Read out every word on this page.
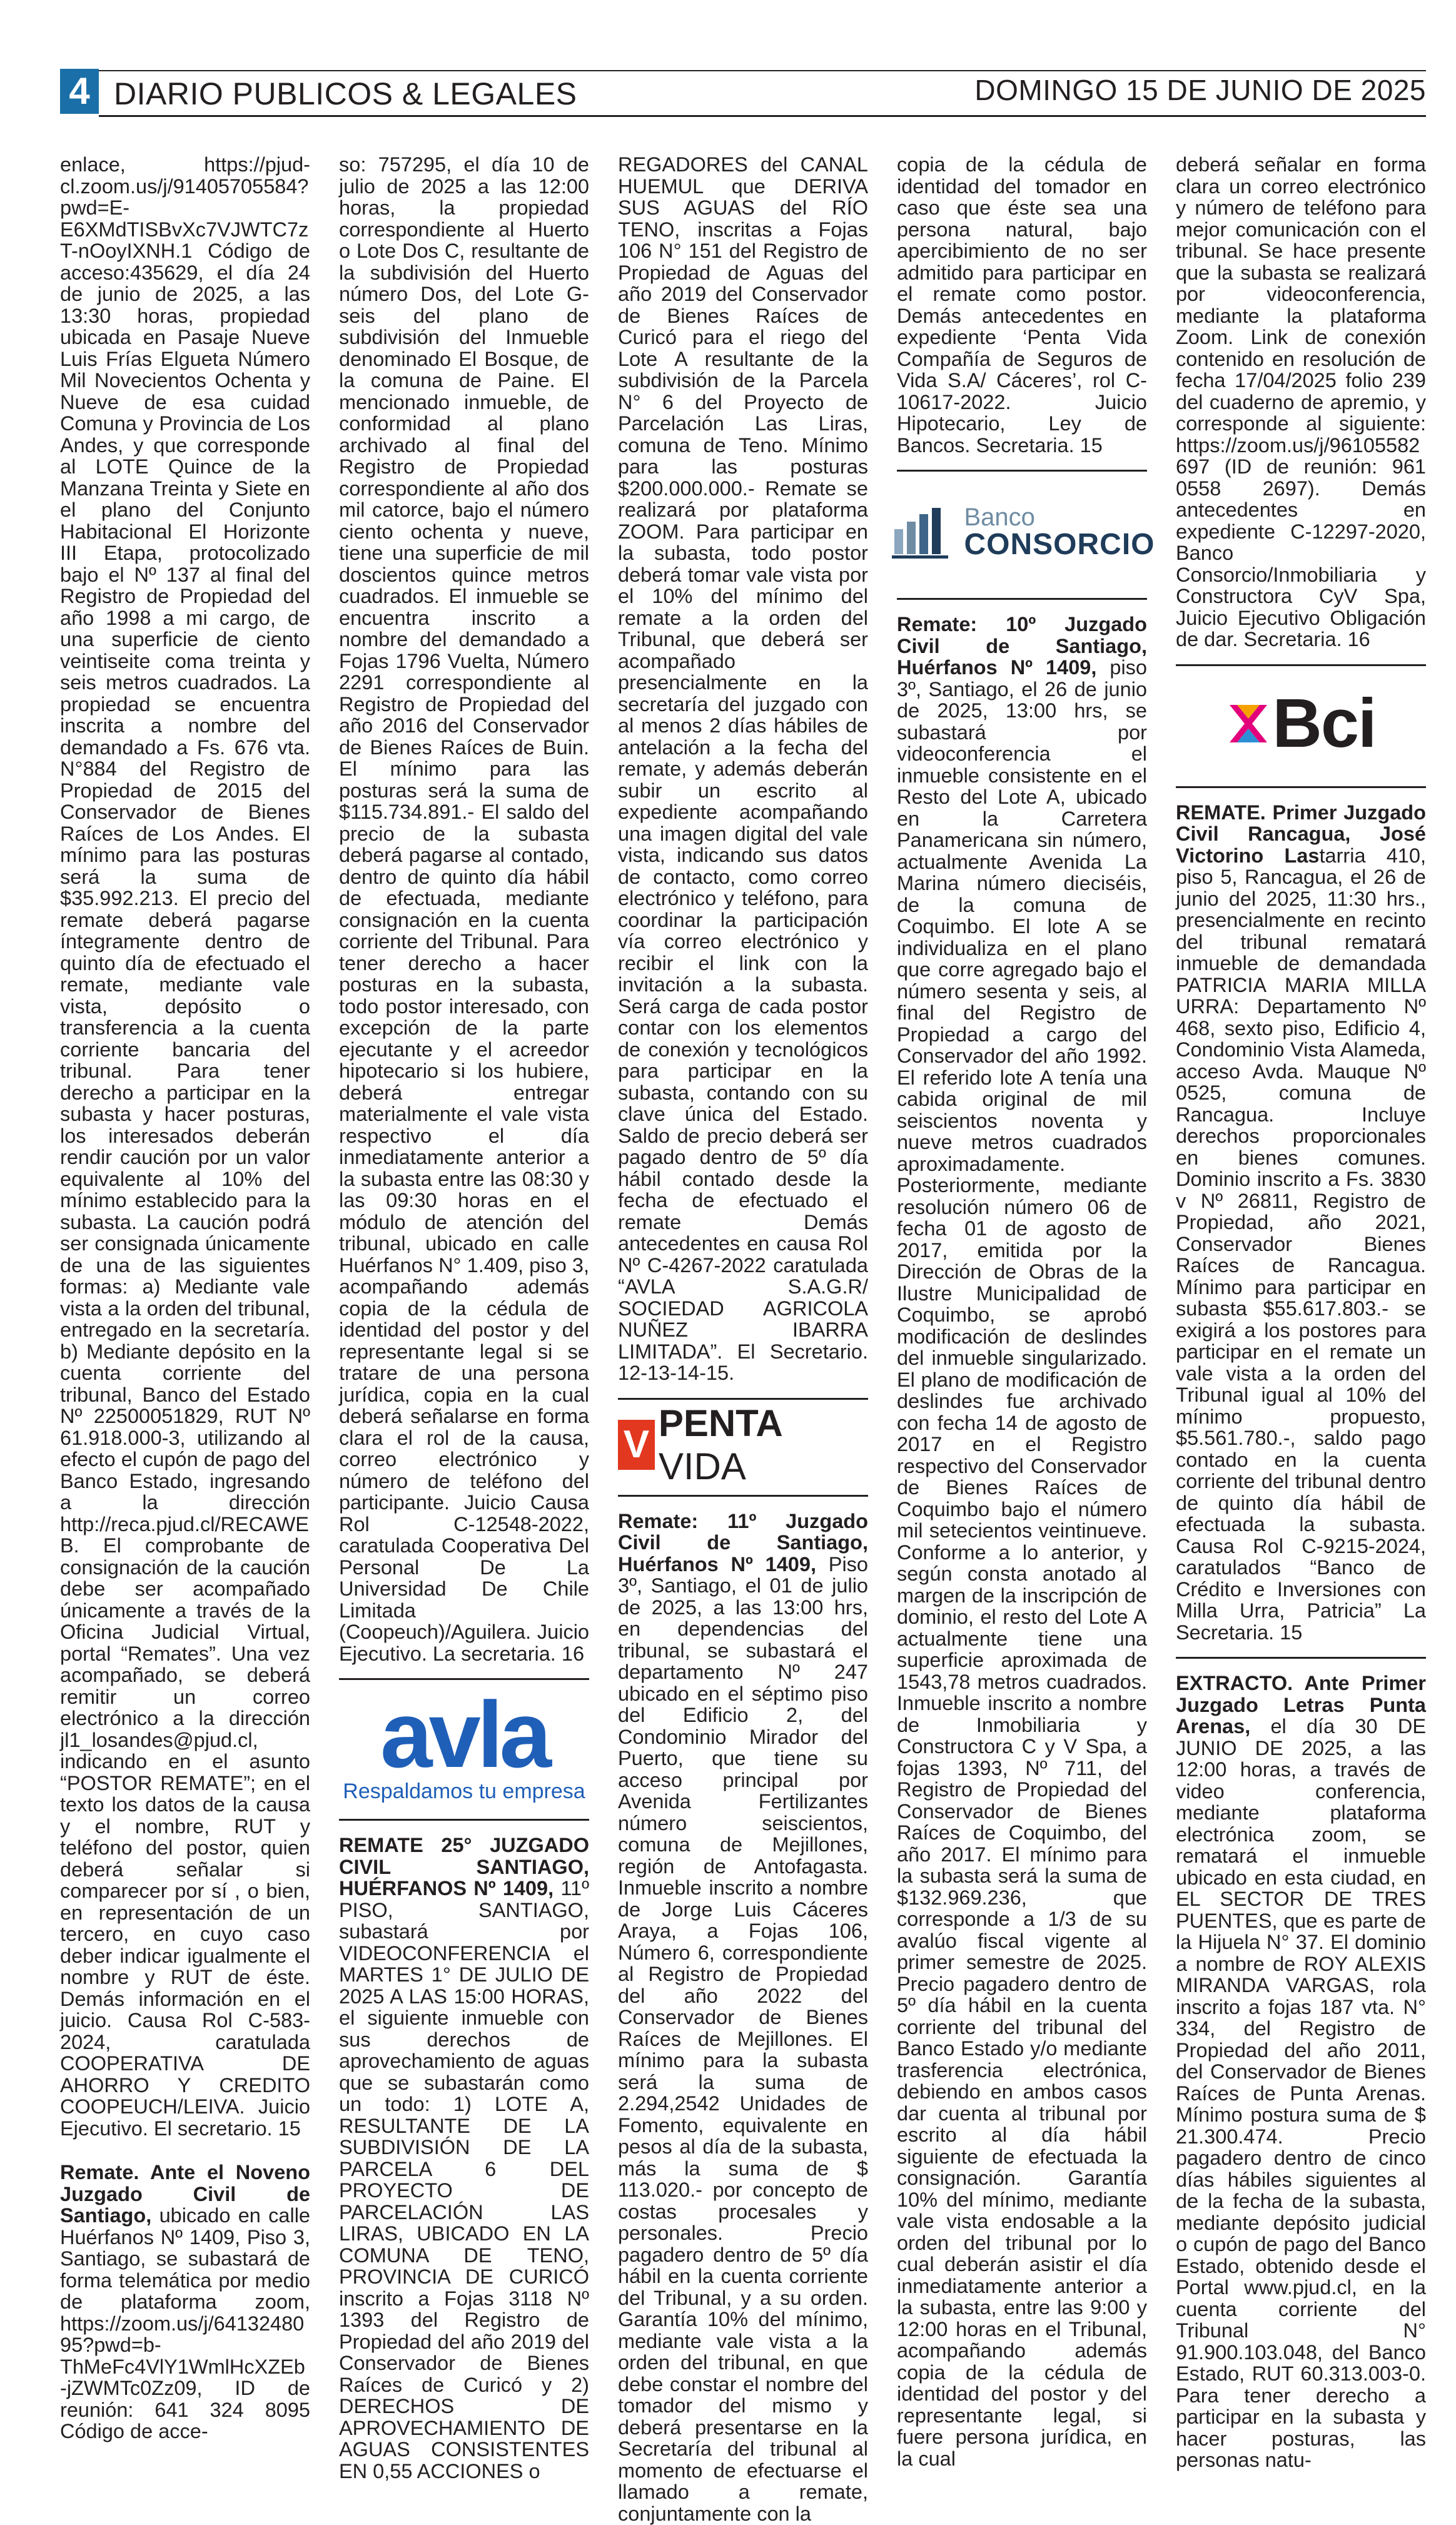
4 DIARIO PUBLICOS & LEGALES	DOMINGO 15 DE JUNIO DE 2025

enlace, https://pjud-cl.zoom.us/j/91405705584?pwd=E-E6XMdTISBvXc7VJWTC7zT-nOoyIXNH.1 Código de acceso:435629, el día 24 de junio de 2025, a las 13:30 horas, propiedad ubicada en Pasaje Nueve Luis Frías Elgueta Número Mil Novecientos Ochenta y Nueve de esa cuidad Comuna y Provincia de Los Andes, y que corresponde al LOTE Quince de la Manzana Treinta y Siete en el plano del Conjunto Habitacional El Horizonte III Etapa, protocolizado bajo el Nº 137 al final del Registro de Propiedad del año 1998 a mi cargo, de una superficie de ciento veintiseite coma treinta y seis metros cuadrados. La propiedad se encuentra inscrita a nombre del demandado a Fs. 676 vta. N°884 del Registro de Propiedad de 2015 del Conservador de Bienes Raíces de Los Andes. El mínimo para las posturas será la suma de $35.992.213. El precio del remate deberá pagarse íntegramente dentro de quinto día de efectuado el remate, mediante vale vista, depósito o transferencia a la cuenta corriente bancaria del tribunal. Para tener derecho a participar en la subasta y hacer posturas, los interesados deberán rendir caución por un valor equivalente al 10% del mínimo establecido para la subasta. La caución podrá ser consignada únicamente de una de las siguientes formas: a) Mediante vale vista a la orden del tribunal, entregado en la secretaría. b) Mediante depósito en la cuenta corriente del tribunal, Banco del Estado Nº 22500051829, RUT Nº 61.918.000-3, utilizando al efecto el cupón de pago del Banco Estado, ingresando a la dirección http://reca.pjud.cl/RECAWEB. El comprobante de consignación de la caución debe ser acompañado únicamente a través de la Oficina Judicial Virtual, portal “Remates”. Una vez acompañado, se deberá remitir un correo electrónico a la dirección jl1_losandes@pjud.cl, indicando en el asunto “POSTOR REMATE”; en el texto los datos de la causa y el nombre, RUT y teléfono del postor, quien deberá señalar si comparecer por sí , o bien, en representación de un tercero, en cuyo caso deber indicar igualmente el nombre y RUT de éste. Demás información en el juicio. Causa Rol C-583-2024, caratulada COOPERATIVA DE AHORRO Y CREDITO COOPEUCH/LEIVA. Juicio Ejecutivo. El secretario. 15

Remate. Ante el Noveno Juzgado Civil de Santiago, ubicado en calle Huérfanos Nº 1409, Piso 3, Santiago, se subastará de forma telemática por medio de plataforma zoom, https://zoom.us/j/6413248095?pwd=b-ThMeFc4VlY1WmlHcXZEb-jZWMTc0Zz09, ID de reunión: 641 324 8095 Código de acce-

so: 757295, el día 10 de julio de 2025 a las 12:00 horas, la propiedad correspondiente al Huerto o Lote Dos C, resultante de la subdivisión del Huerto número Dos, del Lote G-seis del plano de subdivisión del Inmueble denominado El Bosque, de la comuna de Paine. El mencionado inmueble, de conformidad al plano archivado al final del Registro de Propiedad correspondiente al año dos mil catorce, bajo el número ciento ochenta y nueve, tiene una superficie de mil doscientos quince metros cuadrados. El inmueble se encuentra inscrito a nombre del demandado a Fojas 1796 Vuelta, Número 2291 correspondiente al Registro de Propiedad del año 2016 del Conservador de Bienes Raíces de Buin. El mínimo para las posturas será la suma de $115.734.891.- El saldo del precio de la subasta deberá pagarse al contado, dentro de quinto día hábil de efectuada, mediante consignación en la cuenta corriente del Tribunal. Para tener derecho a hacer posturas en la subasta, todo postor interesado, con excepción de la parte ejecutante y el acreedor hipotecario si los hubiere, deberá entregar materialmente el vale vista respectivo el día inmediatamente anterior a la subasta entre las 08:30 y las 09:30 horas en el módulo de atención del tribunal, ubicado en calle Huérfanos N° 1.409, piso 3, acompañando además copia de la cédula de identidad del postor y del representante legal si se tratare de una persona jurídica, copia en la cual deberá señalarse en forma clara el rol de la causa, correo electrónico y número de teléfono del participante. Juicio Causa Rol C-12548-2022, caratulada Cooperativa Del Personal De La Universidad De Chile Limitada (Coopeuch)/Aguilera. Juicio Ejecutivo. La secretaria. 16

avla
Respaldamos tu empresa

REMATE 25° JUZGADO CIVIL SANTIAGO, HUÉRFANOS Nº 1409, 11º PISO, SANTIAGO, subastará por VIDEOCONFERENCIA el MARTES 1° DE JULIO DE 2025 A LAS 15:00 HORAS, el siguiente inmueble con sus derechos de aprovechamiento de aguas que se subastarán como un todo: 1) LOTE A, RESULTANTE DE LA SUBDIVISIÓN DE LA PARCELA 6 DEL PROYECTO DE PARCELACIÓN LAS LIRAS, UBICADO EN LA COMUNA DE TENO, PROVINCIA DE CURICÓ inscrito a Fojas 3118 Nº 1393 del Registro de Propiedad del año 2019 del Conservador de Bienes Raíces de Curicó y 2) DERECHOS DE APROVECHAMIENTO DE AGUAS CONSISTENTES EN 0,55 ACCIONES o

REGADORES del CANAL HUEMUL que DERIVA SUS AGUAS del RÍO TENO, inscritas a Fojas 106 N° 151 del Registro de Propiedad de Aguas del año 2019 del Conservador de Bienes Raíces de Curicó para el riego del Lote A resultante de la subdivisión de la Parcela N° 6 del Proyecto de Parcelación Las Liras, comuna de Teno. Mínimo para las posturas $200.000.000.- Remate se realizará por plataforma ZOOM. Para participar en la subasta, todo postor deberá tomar vale vista por el 10% del mínimo del remate a la orden del Tribunal, que deberá ser acompañado presencialmente en la secretaría del juzgado con al menos 2 días hábiles de antelación a la fecha del remate, y además deberán subir un escrito al expediente acompañando una imagen digital del vale vista, indicando sus datos de contacto, como correo electrónico y teléfono, para coordinar la participación vía correo electrónico y recibir el link con la invitación a la subasta. Será carga de cada postor contar con los elementos de conexión y tecnológicos para participar en la subasta, contando con su clave única del Estado. Saldo de precio deberá ser pagado dentro de 5º día hábil contado desde la fecha de efectuado el remate Demás antecedentes en causa Rol Nº C-4267-2022 caratulada “AVLA S.A.G.R/ SOCIEDAD AGRICOLA NUÑEZ IBARRA LIMITADA”. El Secretario. 12-13-14-15.

V PENTA VIDA

Remate: 11º Juzgado Civil de Santiago, Huérfanos Nº 1409, Piso 3º, Santiago, el 01 de julio de 2025, a las 13:00 hrs, en dependencias del tribunal, se subastará el departamento Nº 247 ubicado en el séptimo piso del Edificio 2, del Condominio Mirador del Puerto, que tiene su acceso principal por Avenida Fertilizantes número seiscientos, comuna de Mejillones, región de Antofagasta. Inmueble inscrito a nombre de Jorge Luis Cáceres Araya, a Fojas 106, Número 6, correspondiente al Registro de Propiedad del año 2022 del Conservador de Bienes Raíces de Mejillones. El mínimo para la subasta será la suma de 2.294,2542 Unidades de Fomento, equivalente en pesos al día de la subasta, más la suma de $ 113.020.- por concepto de costas procesales y personales. Precio pagadero dentro de 5º día hábil en la cuenta corriente del Tribunal, y a su orden. Garantía 10% del mínimo, mediante vale vista a la orden del tribunal, en que debe constar el nombre del tomador del mismo y deberá presentarse en la Secretaría del tribunal al momento de efectuarse el llamado a remate, conjuntamente con la

copia de la cédula de identidad del tomador en caso que éste sea una persona natural, bajo apercibimiento de no ser admitido para participar en el remate como postor. Demás antecedentes en expediente ‘Penta Vida Compañía de Seguros de Vida S.A/ Cáceres’, rol C-10617-2022. Juicio Hipotecario, Ley de Bancos. Secretaria. 15

Banco
CONSORCIO

Remate: 10º Juzgado Civil de Santiago, Huérfanos Nº 1409, piso 3º, Santiago, el 26 de junio de 2025, 13:00 hrs, se subastará por videoconferencia el inmueble consistente en el Resto del Lote A, ubicado en la Carretera Panamericana sin número, actualmente Avenida La Marina número dieciséis, de la comuna de Coquimbo. El lote A se individualiza en el plano que corre agregado bajo el número sesenta y seis, al final del Registro de Propiedad a cargo del Conservador del año 1992. El referido lote A tenía una cabida original de mil seiscientos noventa y nueve metros cuadrados aproximadamente. Posteriormente, mediante resolución número 06 de fecha 01 de agosto de 2017, emitida por la Dirección de Obras de la Ilustre Municipalidad de Coquimbo, se aprobó modificación de deslindes del inmueble singularizado. El plano de modificación de deslindes fue archivado con fecha 14 de agosto de 2017 en el Registro respectivo del Conservador de Bienes Raíces de Coquimbo bajo el número mil setecientos veintinueve. Conforme a lo anterior, y según consta anotado al margen de la inscripción de dominio, el resto del Lote A actualmente tiene una superficie aproximada de 1543,78 metros cuadrados. Inmueble inscrito a nombre de Inmobiliaria y Constructora C y V Spa, a fojas 1393, Nº 711, del Registro de Propiedad del Conservador de Bienes Raíces de Coquimbo, del año 2017. El mínimo para la subasta será la suma de $132.969.236, que corresponde a 1/3 de su avalúo fiscal vigente al primer semestre de 2025. Precio pagadero dentro de 5º día hábil en la cuenta corriente del tribunal del Banco Estado y/o mediante trasferencia electrónica, debiendo en ambos casos dar cuenta al tribunal por escrito al día hábil siguiente de efectuada la consignación. Garantía 10% del mínimo, mediante vale vista endosable a la orden del tribunal por lo cual deberán asistir el día inmediatamente anterior a la subasta, entre las 9:00 y 12:00 horas en el Tribunal, acompañando además copia de la cédula de identidad del postor y del representante legal, si fuere persona jurídica, en la cual

deberá señalar en forma clara un correo electrónico y número de teléfono para mejor comunicación con el tribunal. Se hace presente que la subasta se realizará por videoconferencia, mediante la plataforma Zoom. Link de conexión contenido en resolución de fecha 17/04/2025 folio 239 del cuaderno de apremio, y corresponde al siguiente: https://zoom.us/j/96105582697 (ID de reunión: 961 0558 2697). Demás antecedentes en expediente C-12297-2020, Banco Consorcio/Inmobiliaria y Constructora CyV Spa, Juicio Ejecutivo Obligación de dar. Secretaria. 16

Bci

REMATE. Primer Juzgado Civil Rancagua, José Victorino Lastarria 410, piso 5, Rancagua, el 26 de junio del 2025, 11:30 hrs., presencialmente en recinto del tribunal rematará inmueble de demandada PATRICIA MARIA MILLA URRA: Departamento Nº 468, sexto piso, Edificio 4, Condominio Vista Alameda, acceso Avda. Mauque Nº 0525, comuna de Rancagua. Incluye derechos proporcionales en bienes comunes. Dominio inscrito a Fs. 3830 v Nº 26811, Registro de Propiedad, año 2021, Conservador Bienes Raíces de Rancagua. Mínimo para participar en subasta $55.617.803.- se exigirá a los postores para participar en el remate un vale vista a la orden del Tribunal igual al 10% del mínimo propuesto, $5.561.780.-, saldo pago contado en la cuenta corriente del tribunal dentro de quinto día hábil de efectuada la subasta. Causa Rol C-9215-2024, caratulados “Banco de Crédito e Inversiones con Milla Urra, Patricia” La Secretaria. 15

EXTRACTO. Ante Primer Juzgado Letras Punta Arenas, el día 30 DE JUNIO DE 2025, a las 12:00 horas, a través de video conferencia, mediante plataforma electrónica zoom, se rematará el inmueble ubicado en esta ciudad, en EL SECTOR DE TRES PUENTES, que es parte de la Hijuela N° 37. El dominio a nombre de ROY ALEXIS MIRANDA VARGAS, rola inscrito a fojas 187 vta. N° 334, del Registro de Propiedad del año 2011, del Conservador de Bienes Raíces de Punta Arenas. Mínimo postura suma de $ 21.300.474. Precio pagadero dentro de cinco días hábiles siguientes al de la fecha de la subasta, mediante depósito judicial o cupón de pago del Banco Estado, obtenido desde el Portal www.pjud.cl, en la cuenta corriente del Tribunal N° 91.900.103.048, del Banco Estado, RUT 60.313.003-0. Para tener derecho a participar en la subasta y hacer posturas, las personas natu-
